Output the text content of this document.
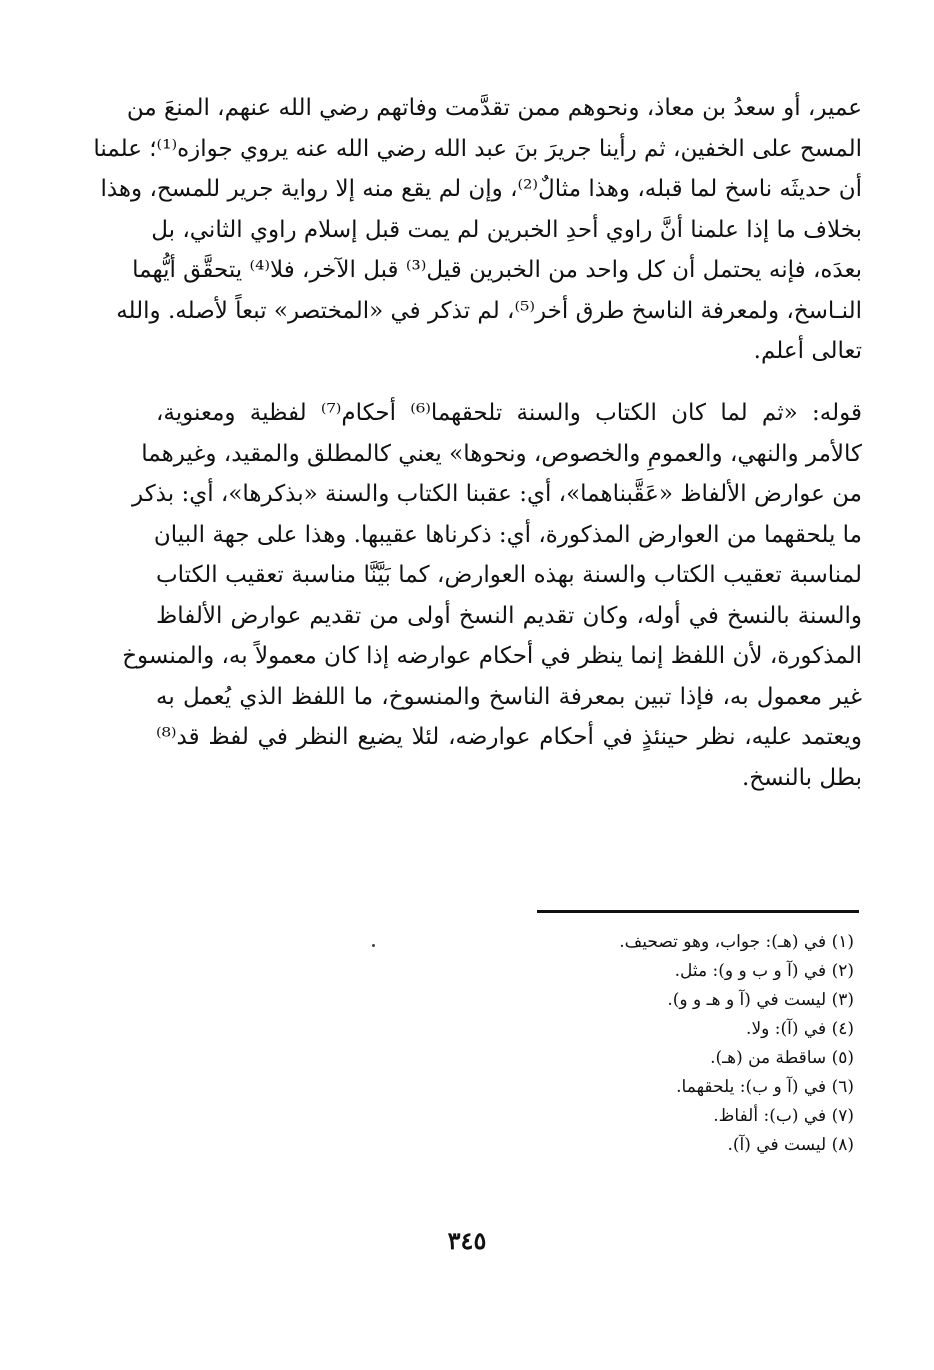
عمير، أو سعدُ بن معاذ، ونحوهم ممن تقدَّمت وفاتهم رضي الله عنهم، المنعَ من
المسح على الخفين، ثم رأينا جريرَ بنَ عبد الله رضي الله عنه يروي جوازه⁽¹⁾؛ علمنا
أن حديثَه ناسخ لما قبله، وهذا مثالٌ⁽²⁾، وإن لم يقع منه إلا رواية جرير للمسح، وهذا
بخلاف ما إذا علمنا أنَّ راوي أحدِ الخبرين لم يمت قبل إسلام راوي الثاني، بل
بعدَه، فإنه يحتمل أن كل واحد من الخبرين قيل⁽³⁾ قبل الآخر، فلا⁽⁴⁾ يتحقَّق أيُّهما
النـاسخ، ولمعرفة الناسخ طرق أخر⁽⁵⁾، لم تذكر في «المختصر» تبعاً لأصله. والله
تعالى أعلم.
قوله: «ثم لما كان الكتاب والسنة تلحقهما⁽⁶⁾ أحكام⁽⁷⁾ لفظية ومعنوية،
كالأمر والنهي، والعمومِ والخصوص، ونحوها» يعني كالمطلق والمقيد، وغيرهما
من عوارض الألفاظ «عَقَّبناهما»، أي: عقبنا الكتاب والسنة «بذكرها»، أي: بذكر
ما يلحقهما من العوارض المذكورة، أي: ذكرناها عقيبها. وهذا على جهة البيان
لمناسبة تعقيب الكتاب والسنة بهذه العوارض، كما بَيَّنَّا مناسبة تعقيب الكتاب
والسنة بالنسخ في أوله، وكان تقديم النسخ أولى من تقديم عوارض الألفاظ
المذكورة، لأن اللفظ إنما ينظر في أحكام عوارضه إذا كان معمولاً به، والمنسوخ
غير معمول به، فإذا تبين بمعرفة الناسخ والمنسوخ، ما اللفظ الذي يُعمل به
ويعتمد عليه، نظر حينئذٍ في أحكام عوارضه، لئلا يضيع النظر في لفظ قد⁽⁸⁾
بطل بالنسخ.
(١) في (هـ): جواب، وهو تصحيف.
(٢) في (آ و ب و و): مثل.
(٣) ليست في (آ و هـ و و).
(٤) في (آ): ولا.
(٥) ساقطة من (هـ).
(٦) في (آ و ب): يلحقهما.
(٧) في (ب): ألفاظ.
(٨) ليست في (آ).
٣٤٥
